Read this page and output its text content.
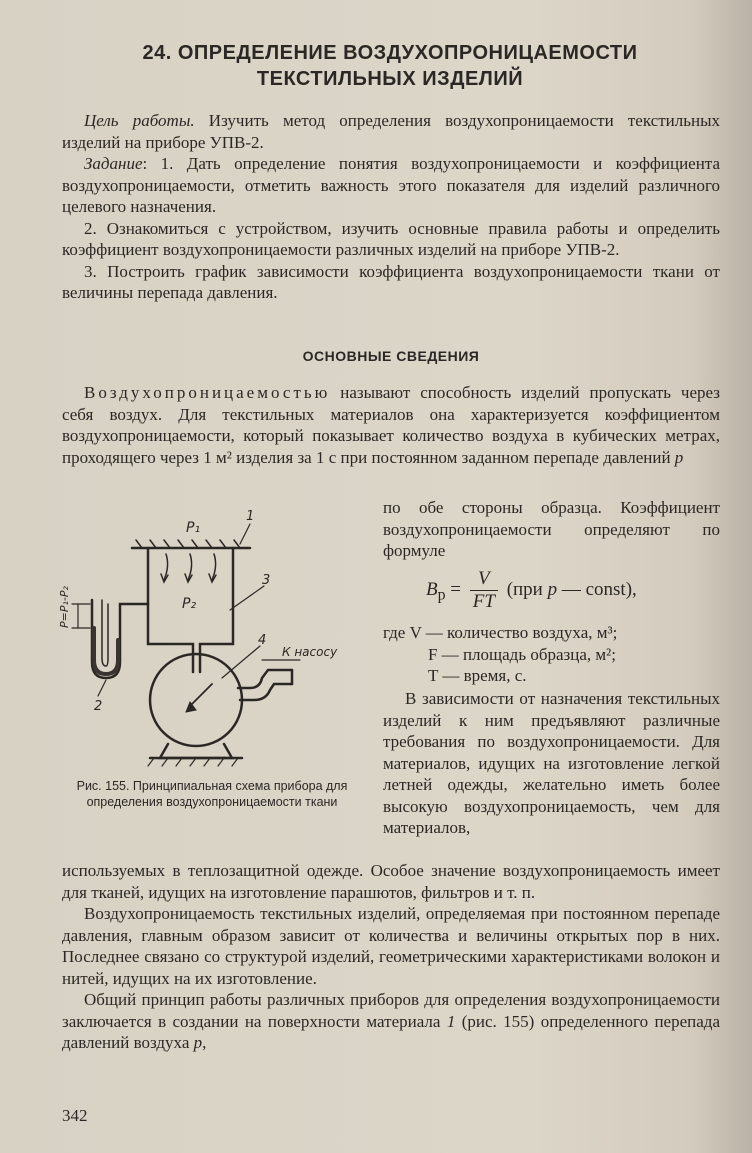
24. ОПРЕДЕЛЕНИЕ ВОЗДУХОПРОНИЦАЕМОСТИ
ТЕКСТИЛЬНЫХ ИЗДЕЛИЙ

Цель работы. Изучить метод определения воздухопроницаемости текстильных изделий на приборе УПВ-2.

Задание: 1. Дать определение понятия воздухопроницаемости и коэффициента воздухопроницаемости, отметить важность этого показателя для изделий различного целевого назначения.

2. Ознакомиться с устройством, изучить основные правила работы и определить коэффициент воздухопроницаемости различных изделий на приборе УПВ-2.

3. Построить график зависимости коэффициента воздухопроницаемости ткани от величины перепада давления.

ОСНОВНЫЕ СВЕДЕНИЯ

Воздухопроницаемостью называют способность изделий пропускать через себя воздух. Для текстильных материалов она характеризуется коэффициентом воздухопроницаемости, который показывает количество воздуха в кубических метрах, проходящего через 1 м² изделия за 1 с при постоянном заданном перепаде давлений p

по обе стороны образца. Коэффициент воздухопроницаемости определяют по формуле
$B_р = \frac{V}{FT} (при$ p — const),
где V — количество воздуха, м³;
F — площадь образца, м²;
T — время, с.

В зависимости от назначения текстильных изделий к ним предъявляют различные требования по воздухопроницаемости. Для материалов, идущих на изготовление легкой летней одежды, желательно иметь более высокую воздухопроницаемость, чем для материалов,

P₁
P₂
1
2
3
4
К насосу
P=P₁-P₂
Рис. 155. Принципиальная схема прибора для определения воздухопроницаемости ткани

используемых в теплозащитной одежде. Особое значение воздухопроницаемость имеет для тканей, идущих на изготовление парашютов, фильтров и т. п.

Воздухопроницаемость текстильных изделий, определяемая при постоянном перепаде давления, главным образом зависит от количества и величины открытых пор в них. Последнее связано со структурой изделий, геометрическими характеристиками волокон и нитей, идущих на их изготовление.

Общий принцип работы различных приборов для определения воздухопроницаемости заключается в создании на поверхности материала 1 (рис. 155) определенного перепада давлений воздуха p,

342
